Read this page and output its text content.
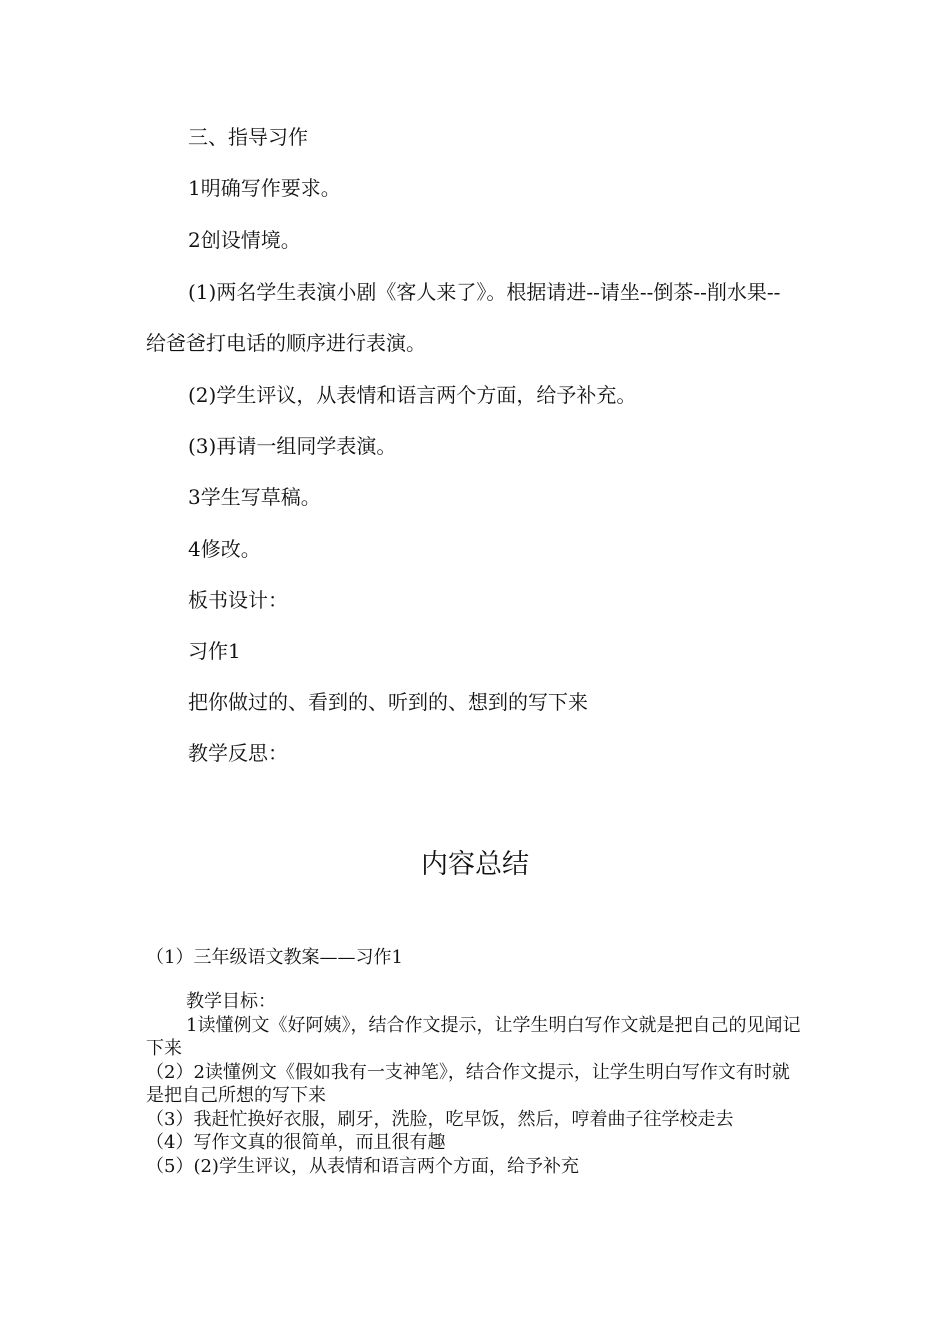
三、指导习作

1明确写作要求。

2创设情境。

(1)两名学生表演小剧《客人来了》。根据请进--请坐--倒茶--削水果--给爸爸打电话的顺序进行表演。

(2)学生评议，从表情和语言两个方面，给予补充。

(3)再请一组同学表演。

3学生写草稿。

4修改。

板书设计：

习作1

把你做过的、看到的、听到的、想到的写下来

教学反思：

内容总结

（1）三年级语文教案——习作1

教学目标：
1读懂例文《好阿姨》，结合作文提示，让学生明白写作文就是把自己的见闻记下来
（2）2读懂例文《假如我有一支神笔》，结合作文提示，让学生明白写作文有时就是把自己所想的写下来
（3）我赶忙换好衣服，刷牙，洗脸，吃早饭，然后，哼着曲子往学校走去
（4）写作文真的很简单，而且很有趣
（5）(2)学生评议，从表情和语言两个方面，给予补充
